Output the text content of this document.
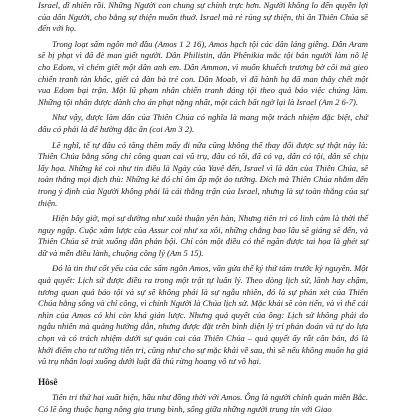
Israel, dĩ nhiên rồi. Những Người con chung sự chính trực hơn. Người không lo đến quyền lợi của dân Người, cho bằng sự thiện muôn thuở. Israel mà rẻ rúng sự thiện, thì ân Thiên Chúa sẽ đến với họ.

Trong loạt sấm ngôn mở đầu (Amos 1 2 16), Amos hạch tội các dân láng giềng. Dân Aram sẽ bị phạt vì đã đè man giết người. Dân Philistin, dân Phênikia mắc tội bán người làm nô lệ cho Edom, vì chém giết một dân anh em. Dân Ammon, vì muốn khuếch trương bờ cõi mà gieo chiến tranh tàn khốc, giết cả đàn bà trẻ con. Dân Moab, vì đã hành hạ đã man thây chết một vua Edom bại trận. Một lũ phạm nhân chiến tranh đáng tội theo quả báo việc chúng làm. Những tội nhân được dành cho án phạt nặng nhất, một cách bất ngờ lại là Israel (Am 2 6-7).

Như vậy, được làm dân của Thiên Chúa có nghĩa là mang một trách nhiệm đặc biệt, chứ đâu có phải là để hưởng đặc ân (coi Am 3 2).

Lẽ nghĩ, tế tự đâu có tăng thêm mấy đi nữa cũng không thế thay đổi được sự thật này là: Thiên Chúa bằng sống chỉ công quan cai vũ trụ, đâu có tối, đã có vạ, dân có tội, dân sẽ chịu lấy họa. Những kẻ coi như tin điều là Ngày của Yavê đến, Israel vì là dân của Thiên Chúa, sẽ toàn thắng mọi địch thù: Những kẻ đó chỉ ôm ấp một ảo tưởng. Đích mà Thiên Chúa nhắm đến trong ý định của Người không phải là cái thắng trận của Israel, nhưng là sự toàn thắng của sự thiện.

Hiện bây giờ, mọi sự dường như xuôi thuận yên hàn, Nhưng tiên tri có linh cảm là thời thế nguy ngập. Cuộc xâm lược của Assur coi như xa xôi, những chẳng bao lâu sẽ giáng sẽ đến, và Thiên Chúa sẽ trút xuống dân phản bội. Chỉ còn một điều có thể ngăn được tai họa là ghét sự dữ và mến điều lành, chuộng công lý (Am 5 15).

Đó là tin thư cốt yếu của các sấm ngôn Amos, văn gửa thế kỷ thứ tám trước kỷ nguyên. Một quả quyết: Lịch sử được điều ra trong một trật tự luân lý. Theo dòng lịch sử, lãnh hay chậm, tương quan quả báo tội và sự sẽ không phải là sự ngẫu nhiên, đó là sự phán xét của Thiên Chúa hằng sống và chỉ công, vì chính Người là Chúa lịch sử. Mặc khải sẽ còn tiến, và vì thế cái nhìn của Amos có khi còn khá giản lược. Nhưng quả quyết của ông: Lịch sử không phải do ngẫu nhiên mà quảng hướng dẫn, nhưng được đặt trên bình diện lý trí phán đoán và tự do lựa chọn và có trách nhiệm dưới sự quản cai của Thiên Chúa – quả quyết ấy rất căn bản, đó là khởi điểm cho tư tưởng tiên tri, cũng như cho sự mặc khải về sau, thì sẽ nếu không muốn hạ giá vũ trụ nhân loại xuống dưới luật đà thú rừng hoang vô tư vô hại.

Hôsê

Tiên tri thứ hai xuất hiện, hầu như đồng thời với Amos. Ông là người chính quán miền Bắc. Có lẽ ông thuộc hạng nông gia trung bình, sống giữa những người trung tín với Giao
